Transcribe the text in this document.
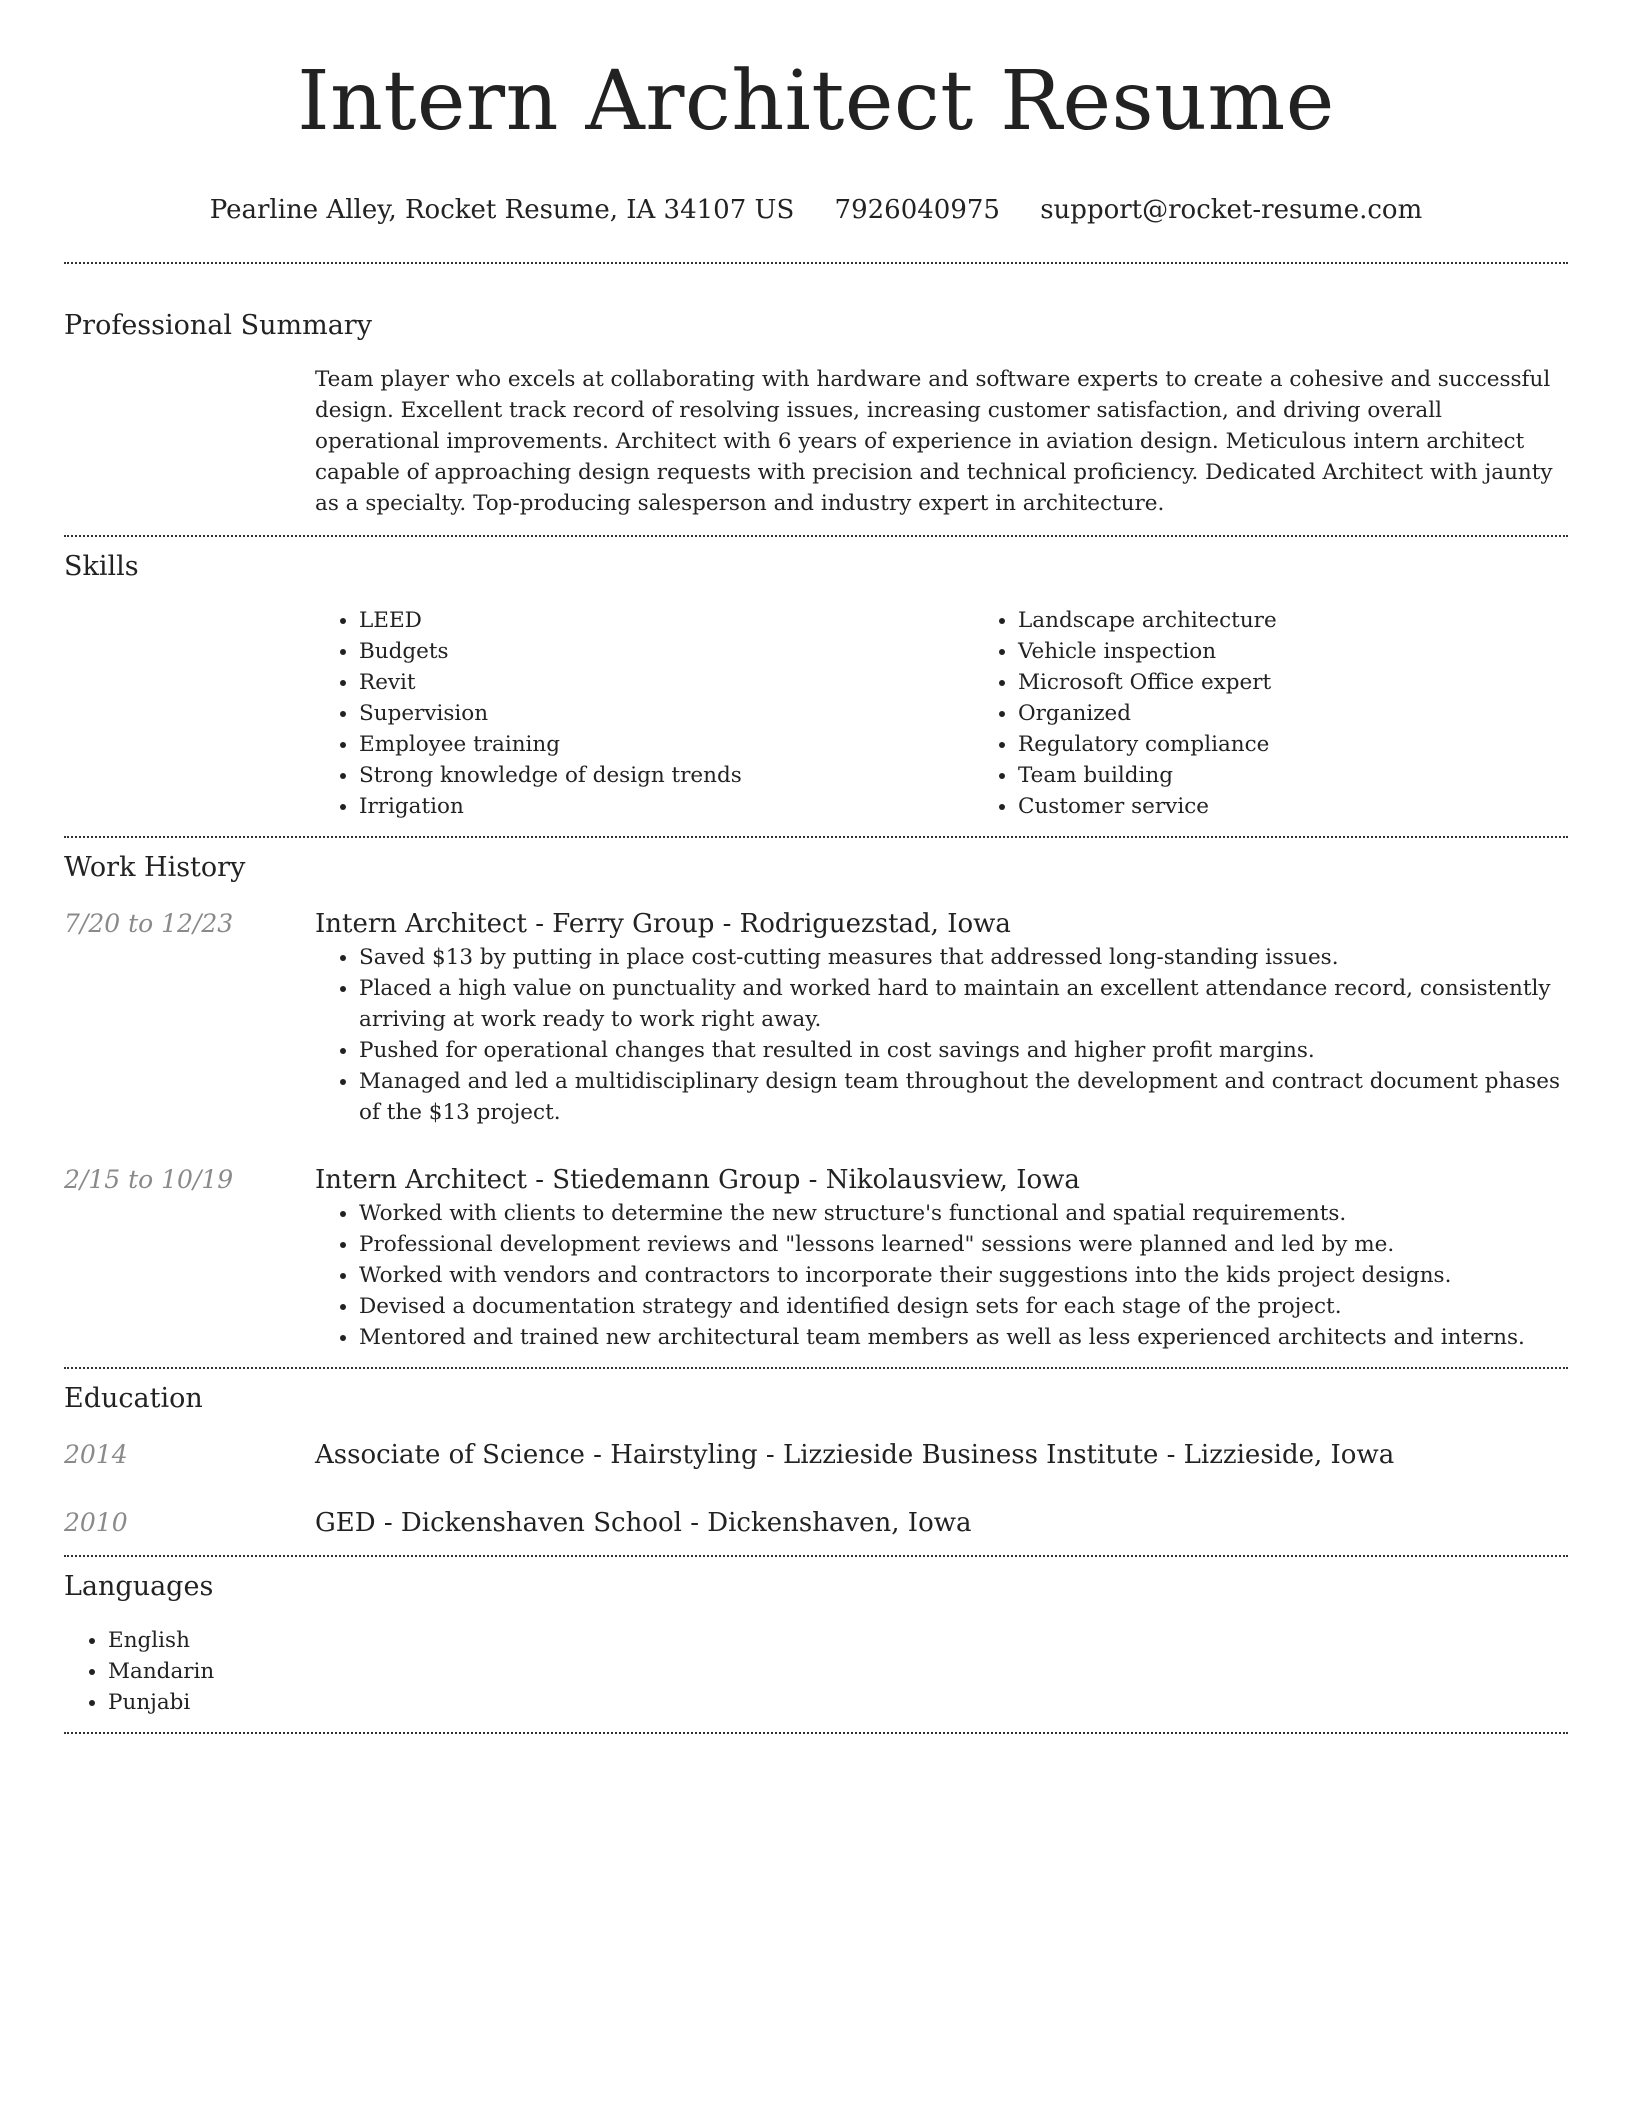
Intern Architect Resume
Pearline Alley, Rocket Resume, IA 34107 US 7926040975 support@rocket-resume.com
Professional Summary

Team player who excels at collaborating with hardware and software experts to create a cohesive and successful design. Excellent track record of resolving issues, increasing customer satisfaction, and driving overall operational improvements. Architect with 6 years of experience in aviation design. Meticulous intern architect capable of approaching design requests with precision and technical proficiency. Dedicated Architect with jaunty as a specialty. Top-producing salesperson and industry expert in architecture.

Skills
• LEED
• Budgets
• Revit
• Supervision
• Employee training
• Strong knowledge of design trends
• Irrigation
• Landscape architecture
• Vehicle inspection
• Microsoft Office expert
• Organized
• Regulatory compliance
• Team building
• Customer service
Work History
7/20 to 12/23	Intern Architect - Ferry Group - Rodriguezstad, Iowa
• Saved $13 by putting in place cost-cutting measures that addressed long-standing issues.
• Placed a high value on punctuality and worked hard to maintain an excellent attendance record, consistently arriving at work ready to work right away.
• Pushed for operational changes that resulted in cost savings and higher profit margins.
• Managed and led a multidisciplinary design team throughout the development and contract document phases of the $13 project.
2/15 to 10/19	Intern Architect - Stiedemann Group - Nikolausview, Iowa
• Worked with clients to determine the new structure's functional and spatial requirements.
• Professional development reviews and "lessons learned" sessions were planned and led by me.
• Worked with vendors and contractors to incorporate their suggestions into the kids project designs.
• Devised a documentation strategy and identified design sets for each stage of the project.
• Mentored and trained new architectural team members as well as less experienced architects and interns.
Education
2014	Associate of Science - Hairstyling - Lizzieside Business Institute - Lizzieside, Iowa
2010	GED - Dickenshaven School - Dickenshaven, Iowa
Languages
• English
• Mandarin
• Punjabi
